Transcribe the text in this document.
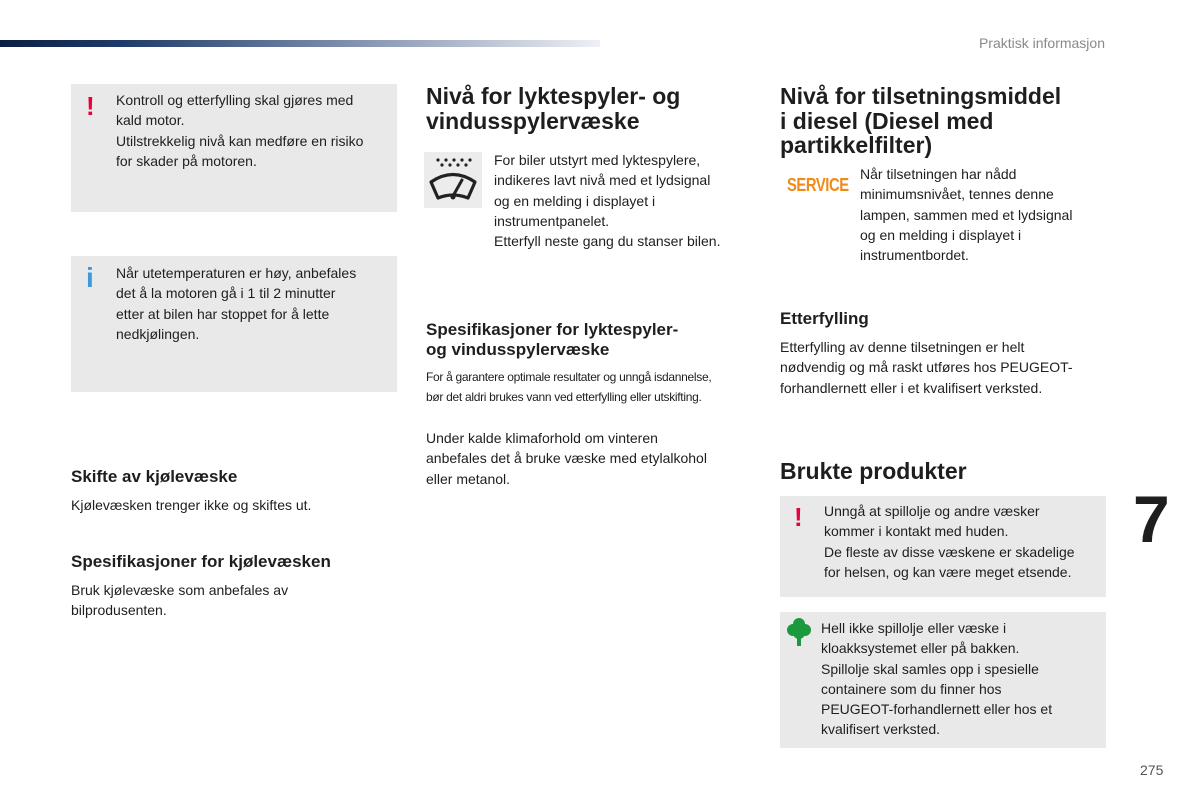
Praktisk informasjon
! Kontroll og etterfylling skal gjøres med

kald motor.

Utilstrekkelig nivå kan medføre en risiko

for skader på motoren.

i Når utetemperaturen er høy, anbefales

det å la motoren gå i 1 til 2 minutter

etter at bilen har stoppet for å lette

nedkjølingen.

Skifte av kjølevæske
Kjølevæsken trenger ikke og skiftes ut.
Spesifikasjoner for kjølevæsken

Bruk kjølevæske som anbefales av

bilprodusenten.

Nivå for lyktespyler- og

vindusspylervæske

For biler utstyrt med lyktespylere,

indikeres lavt nivå med et lydsignal

og en melding i displayet i

instrumentpanelet.

Etterfyll neste gang du stanser bilen.

Spesifikasjoner for lyktespyler-

og vindusspylervæske

For å garantere optimale resultater og unngå isdannelse,

bør det aldri brukes vann ved etterfylling eller utskifting.

Under kalde klimaforhold om vinteren

anbefales det å bruke væske med etylalkohol

eller metanol.

Nivå for tilsetningsmiddel

i diesel (Diesel med

partikkelfilter)

SERVICE

Når tilsetningen har nådd

minimumsnivået, tennes denne

lampen, sammen med et lydsignal

og en melding i displayet i

instrumentbordet.

Etterfylling

Etterfylling av denne tilsetningen er helt

nødvendig og må raskt utføres hos PEUGEOT-

forhandlernett eller i et kvalifisert verksted.

Brukte produkter
! Unngå at spillolje og andre væsker

kommer i kontakt med huden.

De fleste av disse væskene er skadelige

for helsen, og kan være meget etsende.

Hell ikke spillolje eller væske i

kloakksystemet eller på bakken.

Spillolje skal samles opp i spesielle

containere som du finner hos

PEUGEOT-forhandlernett eller hos et

kvalifisert verksted.

7
275
